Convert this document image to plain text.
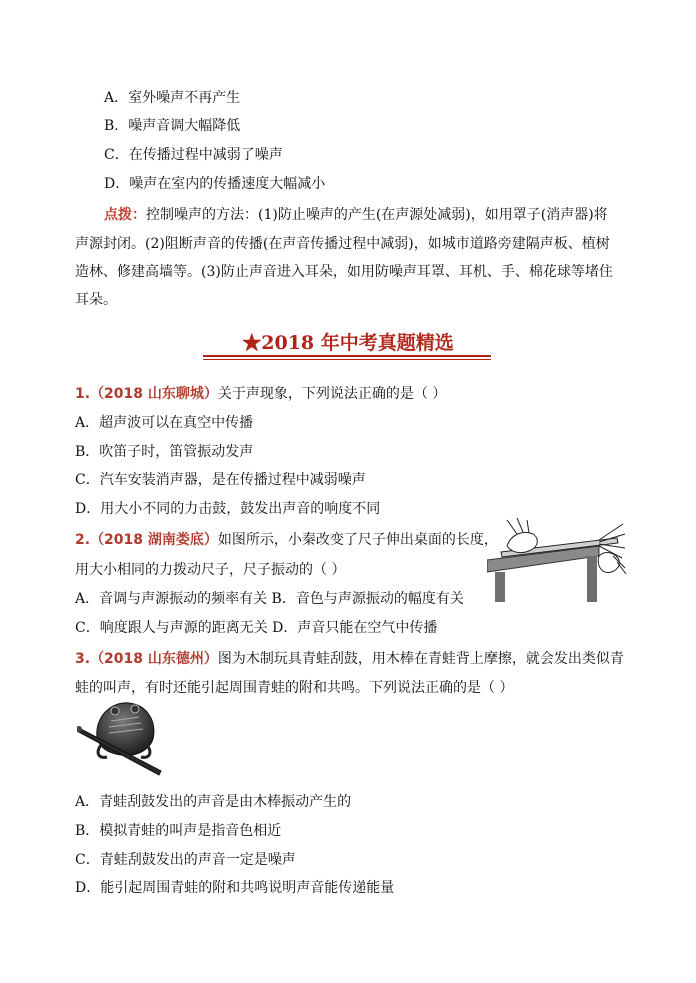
A．室外噪声不再产生
B．噪声音调大幅降低
C．在传播过程中减弱了噪声
D．噪声在室内的传播速度大幅减小
点拨：控制噪声的方法：(1)防止噪声的产生(在声源处减弱)，如用罩子(消声器)将
声源封闭。(2)阻断声音的传播(在声音传播过程中减弱)，如城市道路旁建隔声板、植树
造林、修建高墙等。(3)防止声音进入耳朵，如用防噪声耳罩、耳机、手、棉花球等堵住
耳朵。
★2018 年中考真题精选
1.（2018 山东聊城）关于声现象，下列说法正确的是（ ）
A．超声波可以在真空中传播
B．吹笛子时，笛管振动发声
C．汽车安装消声器，是在传播过程中减弱噪声
D．用大小不同的力击鼓，鼓发出声音的响度不同
2.（2018 湖南娄底）如图所示，小秦改变了尺子伸出桌面的长度，
用大小相同的力拨动尺子，尺子振动的（ ）
A．音调与声源振动的频率有关 B．音色与声源振动的幅度有关
C．响度跟人与声源的距离无关 D．声音只能在空气中传播
3.（2018 山东德州）图为木制玩具青蛙刮鼓，用木棒在青蛙背上摩擦，就会发出类似青
蛙的叫声，有时还能引起周围青蛙的附和共鸣。下列说法正确的是（ ）
A．青蛙刮鼓发出的声音是由木棒振动产生的
B．模拟青蛙的叫声是指音色相近
C．青蛙刮鼓发出的声音一定是噪声
D．能引起周围青蛙的附和共鸣说明声音能传递能量
